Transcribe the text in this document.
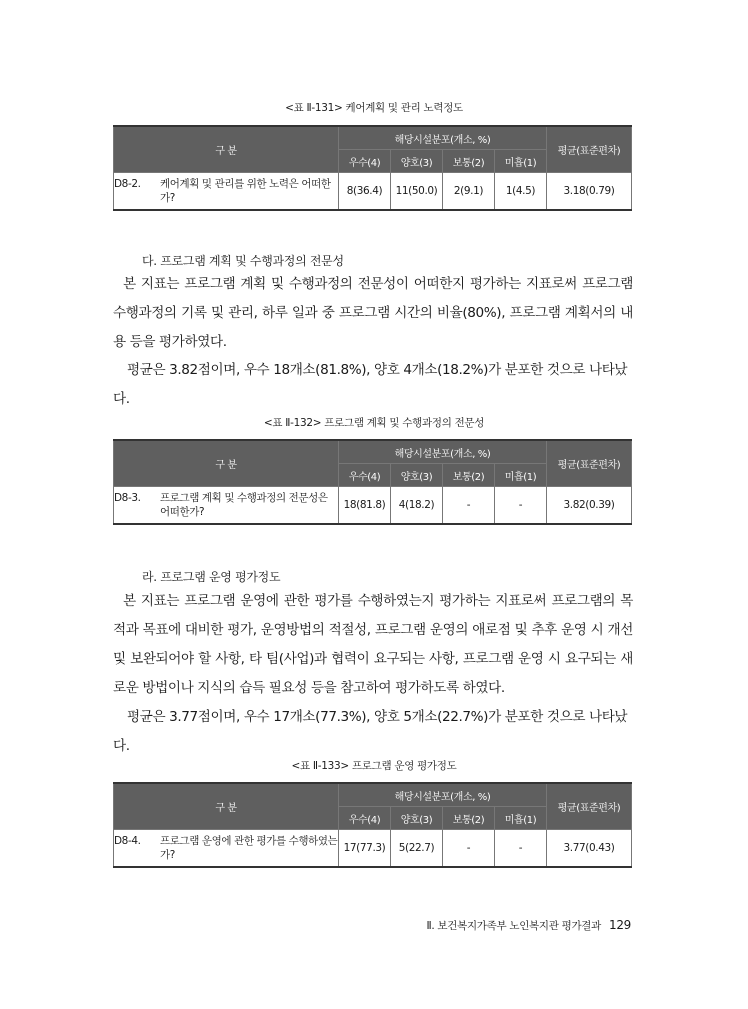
<표 Ⅱ-131> 케어계획 및 관리 노력정도
구 분	해당시설분포(개소, %)				평균(표준편차)
	우수(4)	양호(3)	보통(2)	미흡(1)	

D8-2. 케어계획 및 관리를 위한 노력은 어떠한가?	8(36.4)	11(50.0)	2(9.1)	1(4.5)	3.18(0.79)
다. 프로그램 계획 및 수행과정의 전문성

본 지표는 프로그램 계획 및 수행과정의 전문성이 어떠한지 평가하는 지표로써 프로그램 수행과정의 기록 및 관리, 하루 일과 중 프로그램 시간의 비율(80%), 프로그램 계획서의 내용 등을 평가하였다.

평균은 3.82점이며, 우수 18개소(81.8%), 양호 4개소(18.2%)가 분포한 것으로 나타났다.
<표 Ⅱ-132> 프로그램 계획 및 수행과정의 전문성
구 분	해당시설분포(개소, %)				평균(표준편차)
	우수(4)	양호(3)	보통(2)	미흡(1)	

D8-3. 프로그램 계획 및 수행과정의 전문성은 어떠한가?	18(81.8)	4(18.2)	-	-	3.82(0.39)
라. 프로그램 운영 평가정도

본 지표는 프로그램 운영에 관한 평가를 수행하였는지 평가하는 지표로써 프로그램의 목적과 목표에 대비한 평가, 운영방법의 적절성, 프로그램 운영의 애로점 및 추후 운영 시 개선 및 보완되어야 할 사항, 타 팀(사업)과 협력이 요구되는 사항, 프로그램 운영 시 요구되는 새로운 방법이나 지식의 습득 필요성 등을 참고하여 평가하도록 하였다.

평균은 3.77점이며, 우수 17개소(77.3%), 양호 5개소(22.7%)가 분포한 것으로 나타났다.
<표 Ⅱ-133> 프로그램 운영 평가정도
구 분	해당시설분포(개소, %)				평균(표준편차)
	우수(4)	양호(3)	보통(2)	미흡(1)	

D8-4. 프로그램 운영에 관한 평가를 수행하였는가?	17(77.3)	5(22.7)	-	-	3.77(0.43)
Ⅱ. 보건복지가족부 노인복지관 평가결과 129
